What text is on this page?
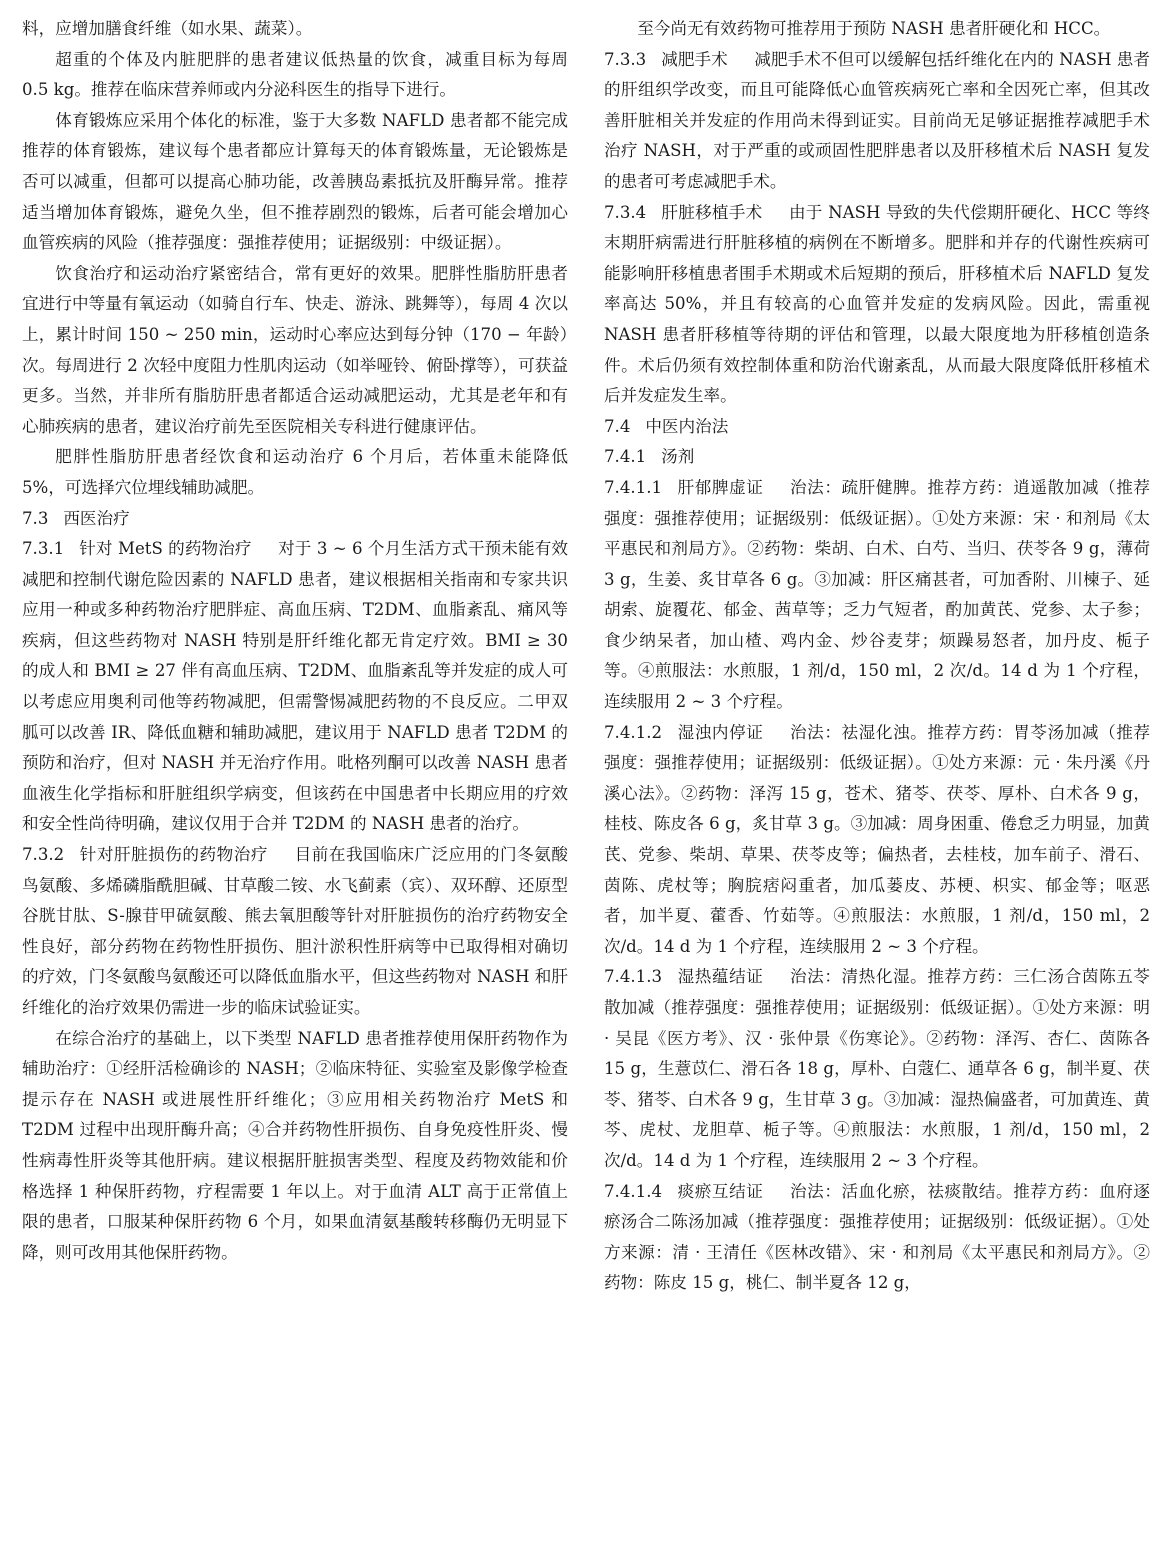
料，应增加膳食纤维（如水果、蔬菜）。

超重的个体及内脏肥胖的患者建议低热量的饮食，减重目标为每周 0.5 kg。推荐在临床营养师或内分泌科医生的指导下进行。

体育锻炼应采用个体化的标准，鉴于大多数 NAFLD 患者都不能完成推荐的体育锻炼，建议每个患者都应计算每天的体育锻炼量，无论锻炼是否可以减重，但都可以提高心肺功能，改善胰岛素抵抗及肝酶异常。推荐适当增加体育锻炼，避免久坐，但不推荐剧烈的锻炼，后者可能会增加心血管疾病的风险（推荐强度：强推荐使用；证据级别：中级证据）。

饮食治疗和运动治疗紧密结合，常有更好的效果。肥胖性脂肪肝患者宜进行中等量有氧运动（如骑自行车、快走、游泳、跳舞等），每周 4 次以上，累计时间 150 ~ 250 min，运动时心率应达到每分钟（170 − 年龄）次。每周进行 2 次轻中度阻力性肌肉运动（如举哑铃、俯卧撑等），可获益更多。当然，并非所有脂肪肝患者都适合运动减肥运动，尤其是老年和有心肺疾病的患者，建议治疗前先至医院相关专科进行健康评估。

肥胖性脂肪肝患者经饮食和运动治疗 6 个月后，若体重未能降低 5%，可选择穴位埋线辅助减肥。

7.3 西医治疗

7.3.1 针对 MetS 的药物治疗 对于 3 ~ 6 个月生活方式干预未能有效减肥和控制代谢危险因素的 NAFLD 患者，建议根据相关指南和专家共识应用一种或多种药物治疗肥胖症、高血压病、T2DM、血脂紊乱、痛风等疾病，但这些药物对 NASH 特别是肝纤维化都无肯定疗效。BMI ≥ 30 的成人和 BMI ≥ 27 伴有高血压病、T2DM、血脂紊乱等并发症的成人可以考虑应用奥利司他等药物减肥，但需警惕减肥药物的不良反应。二甲双胍可以改善 IR、降低血糖和辅助减肥，建议用于 NAFLD 患者 T2DM 的预防和治疗，但对 NASH 并无治疗作用。吡格列酮可以改善 NASH 患者血液生化学指标和肝脏组织学病变，但该药在中国患者中长期应用的疗效和安全性尚待明确，建议仅用于合并 T2DM 的 NASH 患者的治疗。

7.3.2 针对肝脏损伤的药物治疗 目前在我国临床广泛应用的门冬氨酸鸟氨酸、多烯磷脂酰胆碱、甘草酸二铵、水飞蓟素（宾）、双环醇、还原型谷胱甘肽、S-腺苷甲硫氨酸、熊去氧胆酸等针对肝脏损伤的治疗药物安全性良好，部分药物在药物性肝损伤、胆汁淤积性肝病等中已取得相对确切的疗效，门冬氨酸鸟氨酸还可以降低血脂水平，但这些药物对 NASH 和肝纤维化的治疗效果仍需进一步的临床试验证实。

在综合治疗的基础上，以下类型 NAFLD 患者推荐使用保肝药物作为辅助治疗：①经肝活检确诊的 NASH；②临床特征、实验室及影像学检查提示存在 NASH 或进展性肝纤维化；③应用相关药物治疗 MetS 和 T2DM 过程中出现肝酶升高；④合并药物性肝损伤、自身免疫性肝炎、慢性病毒性肝炎等其他肝病。建议根据肝脏损害类型、程度及药物效能和价格选择 1 种保肝药物，疗程需要 1 年以上。对于血清 ALT 高于正常值上限的患者，口服某种保肝药物 6 个月，如果血清氨基酸转移酶仍无明显下降，则可改用其他保肝药物。

至今尚无有效药物可推荐用于预防 NASH 患者肝硬化和 HCC。

7.3.3 减肥手术 减肥手术不但可以缓解包括纤维化在内的 NASH 患者的肝组织学改变，而且可能降低心血管疾病死亡率和全因死亡率，但其改善肝脏相关并发症的作用尚未得到证实。目前尚无足够证据推荐减肥手术治疗 NASH，对于严重的或顽固性肥胖患者以及肝移植术后 NASH 复发的患者可考虑减肥手术。

7.3.4 肝脏移植手术 由于 NASH 导致的失代偿期肝硬化、HCC 等终末期肝病需进行肝脏移植的病例在不断增多。肥胖和并存的代谢性疾病可能影响肝移植患者围手术期或术后短期的预后，肝移植术后 NAFLD 复发率高达 50%，并且有较高的心血管并发症的发病风险。因此，需重视 NASH 患者肝移植等待期的评估和管理，以最大限度地为肝移植创造条件。术后仍须有效控制体重和防治代谢紊乱，从而最大限度降低肝移植术后并发症发生率。

7.4 中医内治法

7.4.1 汤剂

7.4.1.1 肝郁脾虚证 治法：疏肝健脾。推荐方药：逍遥散加减（推荐强度：强推荐使用；证据级别：低级证据）。①处方来源：宋 · 和剂局《太平惠民和剂局方》。②药物：柴胡、白术、白芍、当归、茯苓各 9 g，薄荷 3 g，生姜、炙甘草各 6 g。③加减：肝区痛甚者，可加香附、川楝子、延胡索、旋覆花、郁金、茜草等；乏力气短者，酌加黄芪、党参、太子参；食少纳呆者，加山楂、鸡内金、炒谷麦芽；烦躁易怒者，加丹皮、栀子等。④煎服法：水煎服，1 剂/d，150 ml，2 次/d。14 d 为 1 个疗程，连续服用 2 ~ 3 个疗程。

7.4.1.2 湿浊内停证 治法：祛湿化浊。推荐方药：胃苓汤加减（推荐强度：强推荐使用；证据级别：低级证据）。①处方来源：元 · 朱丹溪《丹溪心法》。②药物：泽泻 15 g，苍术、猪苓、茯苓、厚朴、白术各 9 g，桂枝、陈皮各 6 g，炙甘草 3 g。③加减：周身困重、倦怠乏力明显，加黄芪、党参、柴胡、草果、茯苓皮等；偏热者，去桂枝，加车前子、滑石、茵陈、虎杖等；胸脘痞闷重者，加瓜蒌皮、苏梗、枳实、郁金等；呕恶者，加半夏、藿香、竹茹等。④煎服法：水煎服，1 剂/d，150 ml，2 次/d。14 d 为 1 个疗程，连续服用 2 ~ 3 个疗程。

7.4.1.3 湿热蕴结证 治法：清热化湿。推荐方药：三仁汤合茵陈五苓散加减（推荐强度：强推荐使用；证据级别：低级证据）。①处方来源：明 · 吴昆《医方考》、汉 · 张仲景《伤寒论》。②药物：泽泻、杏仁、茵陈各 15 g，生薏苡仁、滑石各 18 g，厚朴、白蔻仁、通草各 6 g，制半夏、茯苓、猪苓、白术各 9 g，生甘草 3 g。③加减：湿热偏盛者，可加黄连、黄芩、虎杖、龙胆草、栀子等。④煎服法：水煎服，1 剂/d，150 ml，2 次/d。14 d 为 1 个疗程，连续服用 2 ~ 3 个疗程。

7.4.1.4 痰瘀互结证 治法：活血化瘀，祛痰散结。推荐方药：血府逐瘀汤合二陈汤加减（推荐强度：强推荐使用；证据级别：低级证据）。①处方来源：清 · 王清任《医林改错》、宋 · 和剂局《太平惠民和剂局方》。②药物：陈皮 15 g，桃仁、制半夏各 12 g，
